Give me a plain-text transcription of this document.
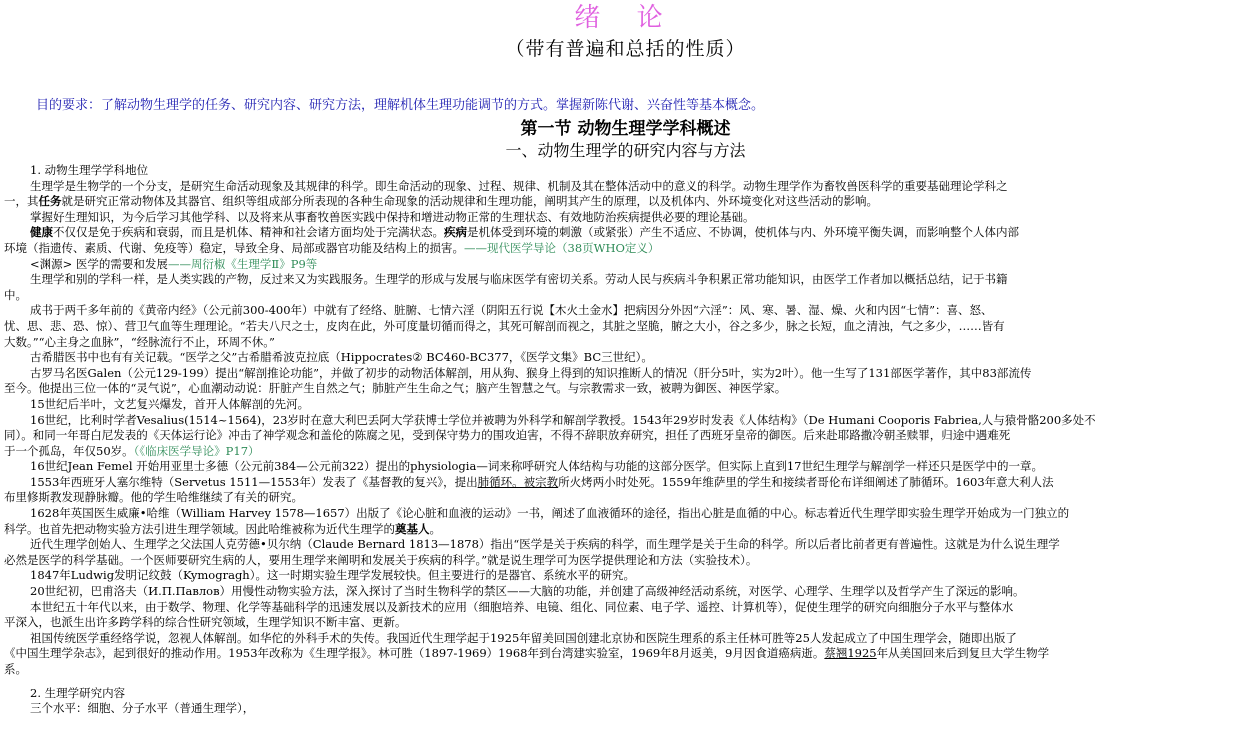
绪 论
（带有普遍和总括的性质）
目的要求：了解动物生理学的任务、研究内容、研究方法，理解机体生理功能调节的方式。掌握新陈代谢、兴奋性等基本概念。
第一节 动物生理学学科概述
一、动物生理学的研究内容与方法
1. 动物生理学学科地位
生理学是生物学的一个分支，是研究生命活动现象及其规律的科学。即生命活动的现象、过程、规律、机制及其在整体活动中的意义的科学。动物生理学作为畜牧兽医科学的重要基础理论学科之
一，其任务就是研究正常动物体及其器官、组织等组成部分所表现的各种生命现象的活动规律和生理功能，阐明其产生的原理，以及机体内、外环境变化对这些活动的影响。
掌握好生理知识，为今后学习其他学科、以及将来从事畜牧兽医实践中保持和增进动物正常的生理状态、有效地防治疾病提供必要的理论基础。
健康不仅仅是免于疾病和衰弱，而且是机体、精神和社会诸方面均处于完满状态。疾病是机体受到环境的刺激（或紧张）产生不适应、不协调，使机体与内、外环境平衡失调，而影响整个人体内部
环境（指遗传、素质、代谢、免疫等）稳定，导致全身、局部或器官功能及结构上的损害。——现代医学导论（38页WHO定义）
<渊源> 医学的需要和发展——周衍椒《生理学Ⅱ》P9等
生理学和别的学科一样，是人类实践的产物，反过来又为实践服务。生理学的形成与发展与临床医学有密切关系。劳动人民与疾病斗争积累正常功能知识，由医学工作者加以概括总结，记于书籍
中。
成书于两千多年前的《黄帝内经》（公元前300-400年）中就有了经络、脏腑、七情六淫（阴阳五行说【木火土金水】把病因分外因“六淫”：风、寒、暑、湿、燥、火和内因“七情”：喜、怒、
忧、思、悲、恐、惊）、营卫气血等生理理论。“若夫八尺之士，皮肉在此，外可度量切循而得之，其死可解剖而视之，其脏之坚脆，腑之大小，谷之多少，脉之长短，血之清浊，气之多少，……皆有
大数。”“心主身之血脉”，“经脉流行不止，环周不休。”
古希腊医书中也有有关记载。“医学之父”古希腊希波克拉底（Hippocrates② BC460-BC377，《医学文集》BC三世纪）。
古罗马名医Galen（公元129-199）提出“解剖推论功能”，并做了初步的动物活体解剖，用从狗、猴身上得到的知识推断人的情况（肝分5叶，实为2叶）。他一生写了131部医学著作，其中83部流传
至今。他提出三位一体的“灵气说”，心血潮动动说：肝脏产生自然之气；肺脏产生生命之气；脑产生智慧之气。与宗教需求一致，被聘为御医、神医学家。
15世纪后半叶，文艺复兴爆发，首开人体解剖的先河。
16世纪，比利时学者Vesalius(1514~1564)，23岁时在意大利巴丢阿大学获博士学位并被聘为外科学和解剖学教授。1543年29岁时发表《人体结构》（De Humani Cooporis Fabriea,人与猿骨骼200多处不
同）。和同一年哥白尼发表的《天体运行论》冲击了神学观念和盖伦的陈腐之见，受到保守势力的围攻迫害，不得不辞职放弃研究，担任了西班牙皇帝的御医。后来赴耶路撒冷朝圣赎罪，归途中遇难死
于一个孤岛，年仅50岁。（《临床医学导论》P17）
16世纪Jean Femel 开始用亚里士多德（公元前384—公元前322）提出的physiologia—词来称呼研究人体结构与功能的这部分医学。但实际上直到17世纪生理学与解剖学一样还只是医学中的一章。
1553年西班牙人塞尔维特（Servetus 1511—1553年）发表了《基督教的复兴》，提出肺循环。被宗教所火烤两小时处死。1559年维萨里的学生和接续者哥伦布详细阐述了肺循环。1603年意大利人法
布里修斯教发现静脉瓣。他的学生哈维继续了有关的研究。
1628年英国医生威廉•哈维（William Harvey 1578—1657）出版了《论心脏和血液的运动》一书，阐述了血液循环的途径，指出心脏是血循的中心。标志着近代生理学即实验生理学开始成为一门独立的
科学。也首先把动物实验方法引进生理学领域。因此哈维被称为近代生理学的奠基人。
近代生理学创始人、生理学之父法国人克劳德•贝尔纳（Claude Bernard 1813—1878）指出“医学是关于疾病的科学，而生理学是关于生命的科学。所以后者比前者更有普遍性。这就是为什么说生理学
必然是医学的科学基础。一个医师要研究生病的人，要用生理学来阐明和发展关于疾病的科学。”就是说生理学可为医学提供理论和方法（实验技术）。
1847年Ludwig发明记纹鼓（Kymogragh）。这一时期实验生理学发展较快。但主要进行的是器官、系统水平的研究。
20世纪初，巴甫洛夫（И.П.Павлов）用慢性动物实验方法，深入探讨了当时生物科学的禁区——大脑的功能，并创建了高级神经活动系统，对医学、心理学、生理学以及哲学产生了深远的影响。
本世纪五十年代以来，由于数学、物理、化学等基础科学的迅速发展以及新技术的应用（细胞培养、电镜、组化、同位素、电子学、遥控、计算机等），促使生理学的研究向细胞分子水平与整体水
平深入，也派生出许多跨学科的综合性研究领域，生理学知识不断丰富、更新。
祖国传统医学重经络学说，忽视人体解剖。如华佗的外科手术的失传。我国近代生理学起于1925年留美回国创建北京协和医院生理系的系主任林可胜等25人发起成立了中国生理学会，随即出版了
《中国生理学杂志》，起到很好的推动作用。1953年改称为《生理学报》。林可胜（1897-1969）1968年到台湾建实验室，1969年8月返美，9月因食道癌病逝。蔡翘1925年从美国回来后到复旦大学生物学
系。
2. 生理学研究内容
三个水平：细胞、分子水平（普通生理学），
